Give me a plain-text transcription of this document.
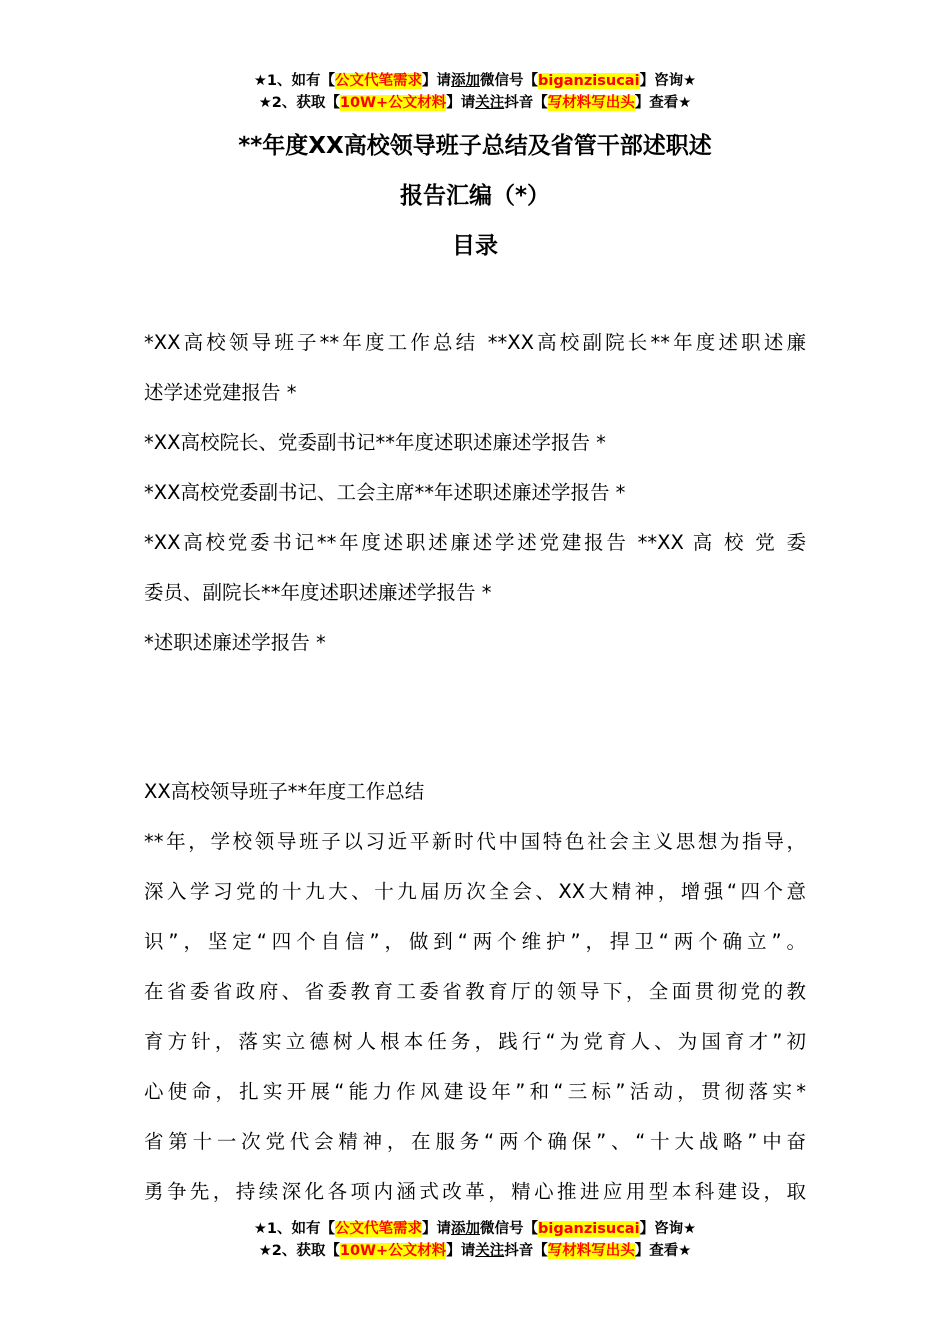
★1、如有【公文代笔需求】请添加微信号【biganzisucai】咨询★
★2、获取【10W+公文材料】请关注抖音【写材料写出头】查看★
**年度XX高校领导班子总结及省管干部述职述
报告汇编（*）
目录
*XX高校领导班子**年度工作总结 **XX高校副院长**年度述职述廉
述学述党建报告 *
*XX高校院长、党委副书记**年度述职述廉述学报告 *
*XX高校党委副书记、工会主席**年述职述廉述学报告 *
*XX高校党委书记**年度述职述廉述学述党建报告 **XX 高 校 党 委
委员、副院长**年度述职述廉述学报告 *
*述职述廉述学报告 *
XX高校领导班子**年度工作总结
**年，学校领导班子以习近平新时代中国特色社会主义思想为指导，
深入学习党的十九大、十九届历次全会、XX大精神，增强“四个意
识”，坚定“四个自信”，做到“两个维护”，捍卫“两个确立”。
在省委省政府、省委教育工委省教育厅的领导下，全面贯彻党的教
育方针，落实立德树人根本任务，践行“为党育人、为国育才”初
心使命，扎实开展“能力作风建设年”和“三标”活动，贯彻落实*
省第十一次党代会精神，在服务“两个确保”、“十大战略”中奋
勇争先，持续深化各项内涵式改革，精心推进应用型本科建设，取
★1、如有【公文代笔需求】请添加微信号【biganzisucai】咨询★
★2、获取【10W+公文材料】请关注抖音【写材料写出头】查看★
